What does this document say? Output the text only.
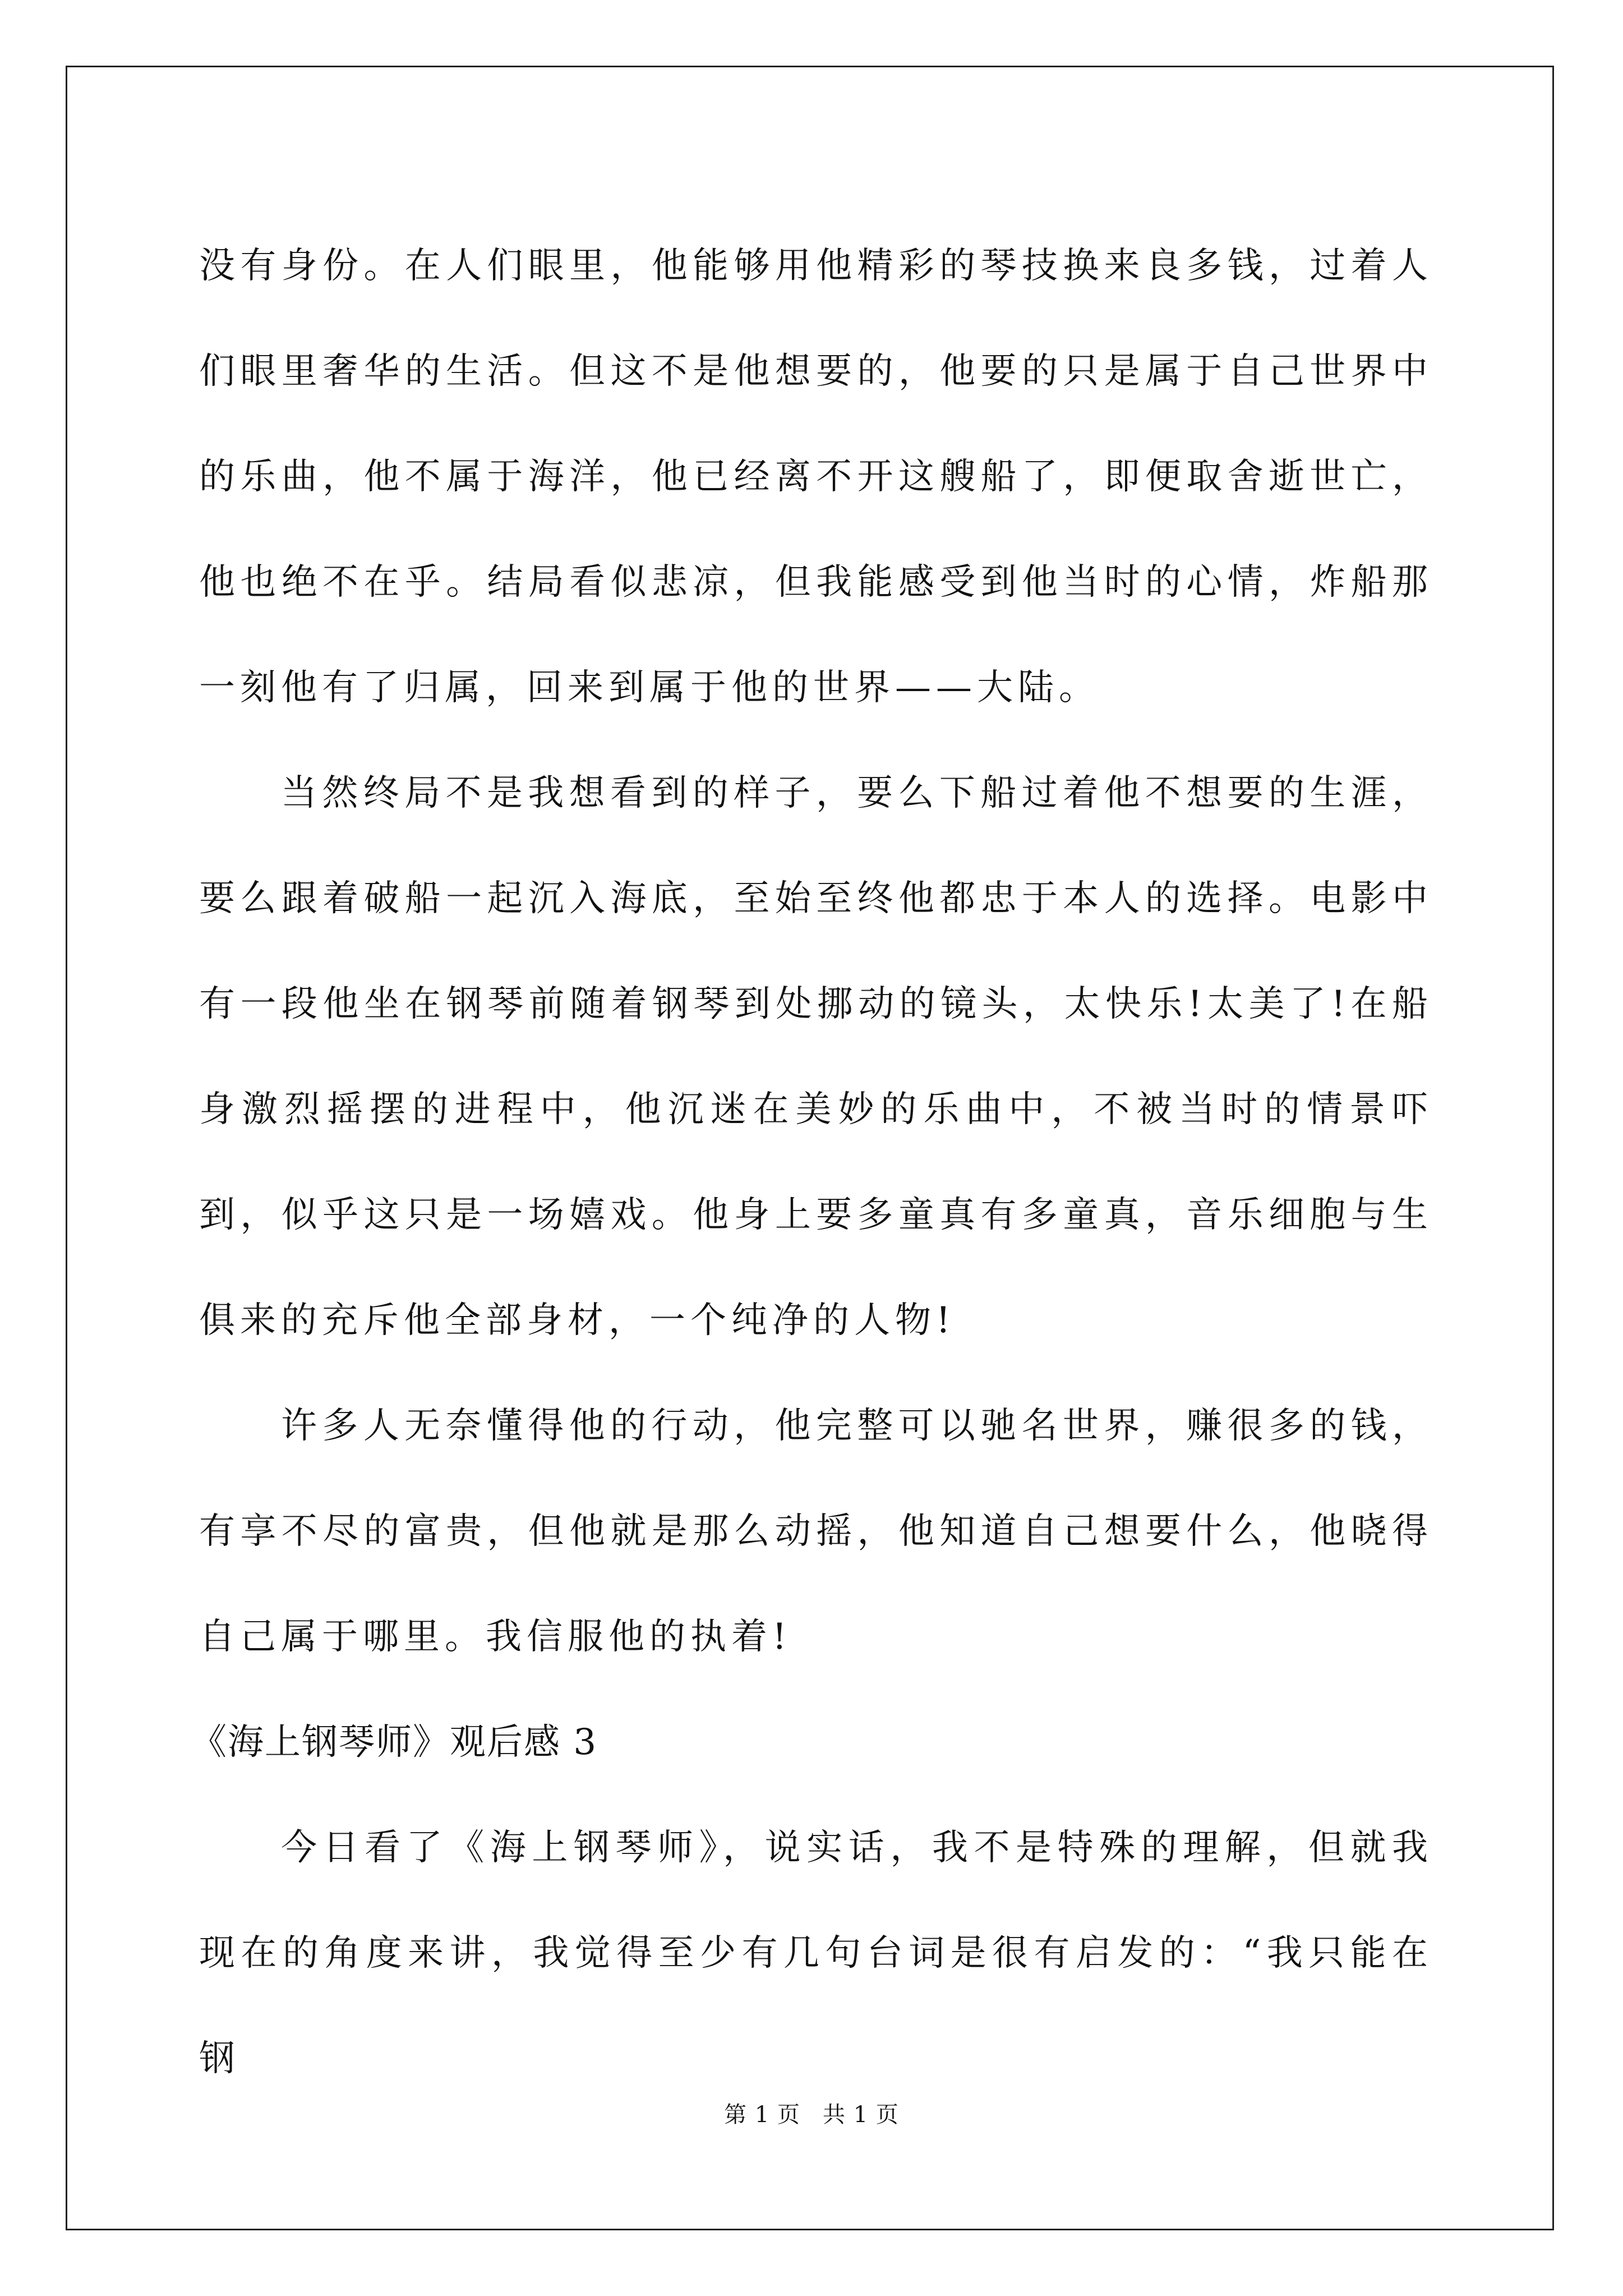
没有身份。在人们眼里，他能够用他精彩的琴技换来良多钱，过着人们眼里奢华的生活。但这不是他想要的，他要的只是属于自己世界中的乐曲，他不属于海洋，他已经离不开这艘船了，即便取舍逝世亡，他也绝不在乎。结局看似悲凉，但我能感受到他当时的心情，炸船那一刻他有了归属，回来到属于他的世界——大陆。

当然终局不是我想看到的样子，要么下船过着他不想要的生涯，要么跟着破船一起沉入海底，至始至终他都忠于本人的选择。电影中有一段他坐在钢琴前随着钢琴到处挪动的镜头，太快乐!太美了!在船身激烈摇摆的进程中，他沉迷在美妙的乐曲中，不被当时的情景吓到，似乎这只是一场嬉戏。他身上要多童真有多童真，音乐细胞与生俱来的充斥他全部身材，一个纯净的人物!

许多人无奈懂得他的行动，他完整可以驰名世界，赚很多的钱，有享不尽的富贵，但他就是那么动摇，他知道自己想要什么，他晓得自己属于哪里。我信服他的执着!

《海上钢琴师》观后感 3

今日看了《海上钢琴师》，说实话，我不是特殊的理解，但就我现在的角度来讲，我觉得至少有几句台词是很有启发的：“我只能在钢

第 1 页 共 1 页
